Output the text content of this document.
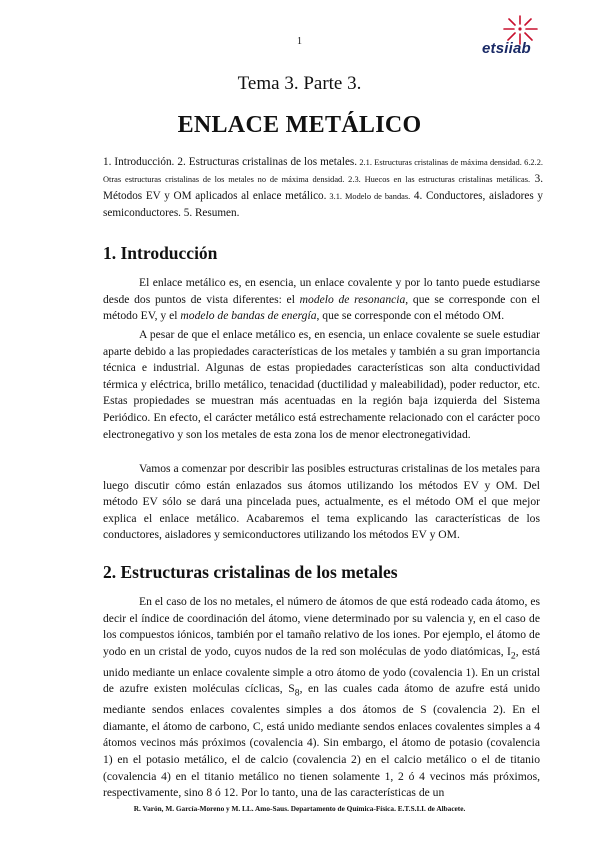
1	etsiiab
Tema 3. Parte 3.
ENLACE METÁLICO
1. Introducción. 2. Estructuras cristalinas de los metales. 2.1. Estructuras cristalinas de máxima densidad. 6.2.2. Otras estructuras cristalinas de los metales no de máxima densidad. 2.3. Huecos en las estructuras cristalinas metálicas. 3. Métodos EV y OM aplicados al enlace metálico. 3.1. Modelo de bandas. 4. Conductores, aisladores y semiconductores. 5. Resumen.
1. Introducción

El enlace metálico es, en esencia, un enlace covalente y por lo tanto puede estudiarse desde dos puntos de vista diferentes: el modelo de resonancia, que se corresponde con el método EV, y el modelo de bandas de energía, que se corresponde con el método OM.

A pesar de que el enlace metálico es, en esencia, un enlace covalente se suele estudiar aparte debido a las propiedades características de los metales y también a su gran importancia técnica e industrial. Algunas de estas propiedades características son alta conductividad térmica y eléctrica, brillo metálico, tenacidad (ductilidad y maleabilidad), poder reductor, etc. Estas propiedades se muestran más acentuadas en la región baja izquierda del Sistema Periódico. En efecto, el carácter metálico está estrechamente relacionado con el carácter poco electronegativo y son los metales de esta zona los de menor electronegatividad.

Vamos a comenzar por describir las posibles estructuras cristalinas de los metales para luego discutir cómo están enlazados sus átomos utilizando los métodos EV y OM. Del método EV sólo se dará una pincelada pues, actualmente, es el método OM el que mejor explica el enlace metálico. Acabaremos el tema explicando las características de los conductores, aisladores y semiconductores utilizando los métodos EV y OM.

2. Estructuras cristalinas de los metales

En el caso de los no metales, el número de átomos de que está rodeado cada átomo, es decir el índice de coordinación del átomo, viene determinado por su valencia y, en el caso de los compuestos iónicos, también por el tamaño relativo de los iones. Por ejemplo, el átomo de yodo en un cristal de yodo, cuyos nudos de la red son moléculas de yodo diatómicas, $I_2$, está unido mediante un enlace covalente simple a otro átomo de yodo (covalencia 1). En un cristal de azufre existen moléculas cíclicas, $S_8$, en las cuales cada átomo de azufre está unido mediante sendos enlaces covalentes simples a dos átomos de S (covalencia 2). En el diamante, el átomo de carbono, C, está unido mediante sendos enlaces covalentes simples a 4 átomos vecinos más próximos (covalencia 4). Sin embargo, el átomo de potasio (covalencia 1) en el potasio metálico, el de calcio (covalencia 2) en el calcio metálico o el de titanio (covalencia 4) en el titanio metálico no tienen solamente 1, 2 ó 4 vecinos más próximos, respectivamente, sino 8 ó 12. Por lo tanto, una de las características de un

R. Varón, M. García-Moreno y M. LL. Amo-Saus. Departamento de Química-Física. E.T.S.I.I. de Albacete.
